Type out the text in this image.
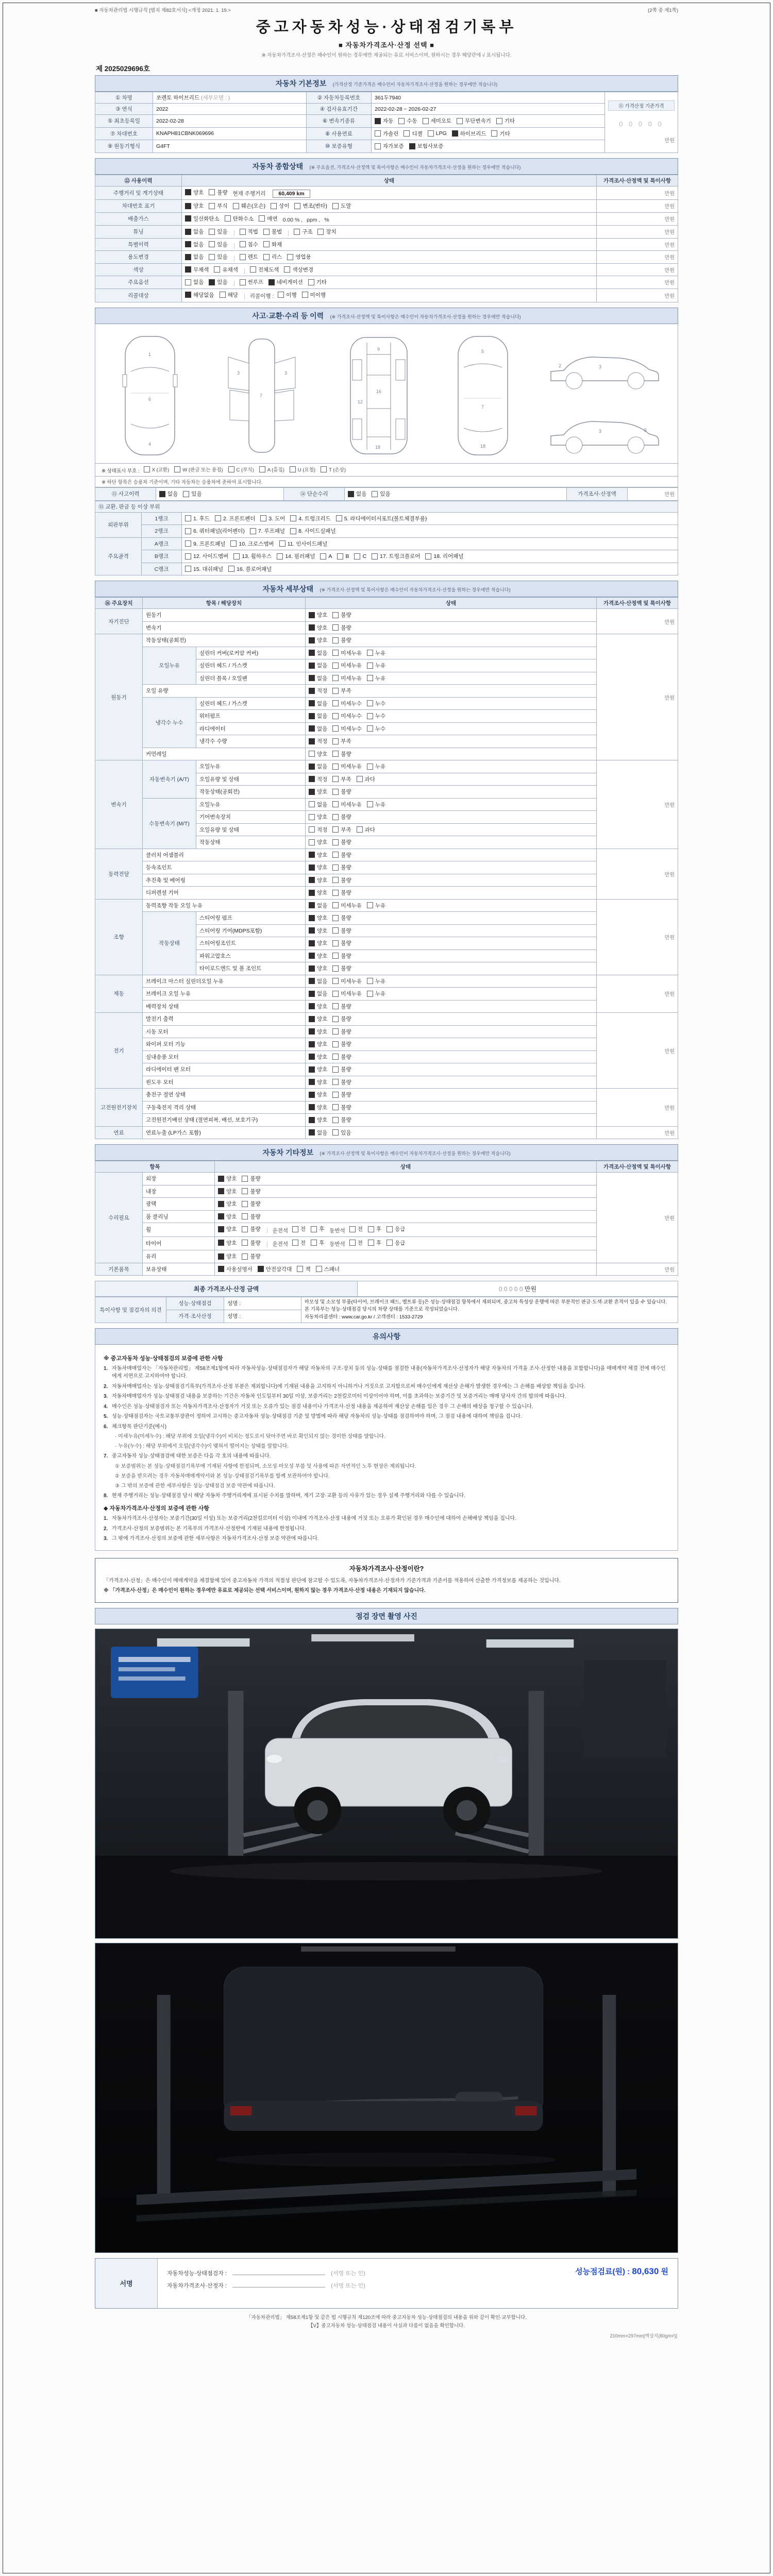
■ 자동차관리법 시행규칙 [별지 제82호서식] <개정 2021. 1. 19.>	(2쪽 중 제1쪽)
중고자동차성능·상태점검기록부
■ 자동차가격조사·산정 선택 ■
※ 자동차가격조사·산정은 매수인이 원하는 경우에만 제공되는 유료 서비스이며, 원하시는 경우 해당란에 √ 표시됩니다.
제 2025029696호
자동차 기본정보 (가격산정 기준가격은 매수인이 자동차가격조사·산정을 원하는 경우에만 적습니다)
① 차명	쏘렌토 하이브리드 (세부모델 : )	② 자동차등록번호	361두7940	⑪ 가격산정 기준가격
0 0 0 0 0
만원

③ 연식	2022	④ 검사유효기간	2022-02-28 ~ 2026-02-27	
⑤ 최초등록일	2022-02-28	⑥ 변속기종류	자동 수동 세미오토 무단변속기 기타	

⑦ 차대번호	KNAPH81CBNK069696	⑧ 사용연료	가솔린 디젤 LPG 하이브리드 기타	

⑨ 원동기형식	G4FT	⑩ 보증유형	자가보증 보험사보증	
자동차 종합상태 (※ 주요옵션, 가격조사·산정액 및 특이사항은 매수인이 자동차가격조사·산정을 원하는 경우에만 적습니다)
⑫ 사용이력	상태	가격조사·산정액 및 특이사항
주행거리 및 계기상태	양호 불량 현재 주행거리 60,409 km	만원
차대번호 표기	양호 부식 훼손(오손) 상이 변조(변타) 도말	만원
배출가스	일산화탄소 탄화수소 매연 0.00 % , ppm , %	만원
튜닝	없음 있음	적법 불법	구조 장치	만원
특별이력	없음 있음 침수 화재	만원
용도변경	없음 있음 렌트 리스 영업용	만원
색상	무채색 유채색 전체도색 색상변경	만원
주요옵션	없음 있음 썬루프 네비게이션 기타	만원
리콜대상	해당없음 해당 리콜이행 : 이행 미이행	만원
사고·교환·수리 등 이력 (※ 가격조사·산정액 및 특이사항은 매수인이 자동차가격조사·산정을 원하는 경우에만 적습니다)
1
6
4
3	3
7
9
16
12
18
5
7
18
3
2
3	5
※ 상태표시 부호 :	X (교환)	W (판금 또는 용접)	C (부식)	A (흠집)	U (요철)	T (손상)
※ 하단 항목은 승용차 기준이며, 기타 자동차는 승용차에 준하여 표시합니다.
⑬ 사고이력	없음 있음	⑭ 단순수리	없음 있음	가격조사·산정액	만원
⑮ 교환, 판금 등 이상 부위		
외판부위	1랭크	1. 후드 2. 프론트펜더 3. 도어 4. 트렁크리드 5. 라디에이터서포트(볼트체결부품)

	2랭크	6. 쿼터패널(리어펜더) 7. 루프패널 8. 사이드실패널

주요골격	A랭크	9. 프론트패널 10. 크로스멤버 11. 인사이드패널

B랭크	12. 사이드멤버 13. 휠하우스 14. 필러패널 A B C 17. 트렁크플로어 18. 리어패널

	C랭크	15. 대쉬패널 16. 플로어패널
자동차 세부상태 (※ 가격조사·산정액 및 특이사항은 매수인이 자동차가격조사·산정을 원하는 경우에만 적습니다)
⑯ 주요장치	항목 / 해당장치		상태	가격조사·산정액 및 특이사항
자기진단	원동기		양호 불량	만원
	변속기		양호 불량	

원동기	작동상태(공회전)		양호 불량	만원
	오일누유	실린더 커버(로커암 커버)	없음 미세누유 누유	

		실린더 헤드 / 가스켓	없음 미세누유 누유	

		실린더 블록 / 오일팬	없음 미세누유 누유	

	오일 유량		적정 부족	

	냉각수 누수	실린더 헤드 / 가스켓	없음 미세누수 누수	

		워터펌프	없음 미세누수 누수	

		라디에이터	없음 미세누수 누수	

		냉각수 수량	적정 부족	

	커먼레일		양호 불량	

변속기	자동변속기 (A/T)	오일누유	없음 미세누유 누유	만원
		오일유량 및 상태	적정 부족 과다	

		작동상태(공회전)	양호 불량	

	수동변속기 (M/T)	오일누유	없음 미세누유 누유	

		기어변속장치	양호 불량	

		오일유량 및 상태	적정 부족 과다	

		작동상태	양호 불량	

동력전달	클러치 어셈블리		양호 불량	만원
	등속조인트		양호 불량	

	추진축 및 베어링		양호 불량	

	디퍼렌셜 기어		양호 불량	

조향	동력조향 작동 오일 누유		없음 미세누유 누유	만원
	작동상태	스티어링 펌프	양호 불량	

		스티어링 기어(MDPS포함)	양호 불량	

		스티어링조인트	양호 불량	

		파워고압호스	양호 불량	

		타이로드엔드 및 볼 조인트	양호 불량	

제동	브레이크 마스터 실린더오일 누유		없음 미세누유 누유	만원
	브레이크 오일 누유		없음 미세누유 누유	

	배력장치 상태		양호 불량	

전기	발전기 출력		양호 불량	만원
	시동 모터		양호 불량	

	와이퍼 모터 기능		양호 불량	

	실내송풍 모터		양호 불량	

	라디에이터 팬 모터		양호 불량	

	윈도우 모터		양호 불량	

고전원전기장치	충전구 절연 상태		양호 불량	만원
	구동축전지 격리 상태		양호 불량	

	고전원전기배선 상태 (절연피복, 배선, 보호기구)		양호 불량	

연료	연료누출 (LP가스 포함)		없음 있음	만원
자동차 기타정보 (※ 가격조사·산정액 및 특이사항은 매수인이 자동차가격조사·산정을 원하는 경우에만 적습니다)
항목		상태	가격조사·산정액 및 특이사항
수리필요	외장	양호 불량	만원
	내장	양호 불량	

	광택	양호 불량	

	룸 클리닝	양호 불량	

휠	양호 불량 운전석 전 후 동반석 전 후 응급

타이어	양호 불량 운전석 전 후 동반석 전 후 응급

	유리	양호 불량	

기본품목	보유상태	사용설명서 안전삼각대 잭 스패너	만원
최종 가격조사·산정 금액	0 0 0 0 0 만원
특이사항 및 점검자의 의견	성능·상태점검	성명 :	마모성 및 소모성 부품(타이어, 브레이크 패드, 벨트류 등)은 성능·상태점검 항목에서 제외되며, 중고차 특성상 운행에 따른 부분적인 판금·도색·교환 흔적이 있을 수 있습니다.
본 기록부는 성능·상태점검 당시의 차량 상태를 기준으로 작성되었습니다.
자동차리콜센터 : www.car.go.kr / 고객센터 : 1533-2729

	가격·조사산정	성명 :	
유의사항
※ 중고자동차 성능·상태점검의 보증에 관한 사항
1. 자동차매매업자는 「자동차관리법」 제58조제1항에 따라 자동차성능·상태점검자가 해당 자동차의 구조·장치 등의 성능·상태를 점검한 내용(자동차가격조사·산정자가 해당 자동차의 가격을 조사·산정한 내용을 포함합니다)을 매매계약 체결 전에 매수인에게 서면으로 고지하여야 합니다.
2. 자동차매매업자는 성능·상태점검기록부(가격조사·산정 부분은 제외합니다)에 기재된 내용을 고지하지 아니하거나 거짓으로 고지함으로써 매수인에게 재산상 손해가 발생한 경우에는 그 손해를 배상할 책임을 집니다.
3. 자동차매매업자가 성능·상태점검 내용을 보증하는 기간은 자동차 인도일부터 30일 이상, 보증거리는 2천킬로미터 이상이어야 하며, 이를 초과하는 보증기간 및 보증거리는 매매 당사자 간의 합의에 따릅니다.
4. 매수인은 성능·상태점검자 또는 자동차가격조사·산정자가 거짓 또는 오류가 있는 점검 내용이나 가격조사·산정 내용을 제공하여 재산상 손해를 입은 경우 그 손해의 배상을 청구할 수 있습니다.
5. 성능·상태점검자는 국토교통부장관이 정하여 고시하는 중고자동차 성능·상태점검 기준 및 방법에 따라 해당 자동차의 성능·상태를 점검하여야 하며, 그 점검 내용에 대하여 책임을 집니다.
6. 체크항목 판단기준(예시)
· 미세누유(미세누수) : 해당 부위에 오일(냉각수)이 비치는 정도로서 닦아주면 바로 확인되지 않는 경미한 상태를 말합니다.
· 누유(누수) : 해당 부위에서 오일(냉각수)이 맺혀서 떨어지는 상태를 말합니다.
7. 중고자동차 성능·상태점검에 대한 보증은 다음 각 호의 내용에 따릅니다.
① 보증범위는 본 성능·상태점검기록부에 기재된 사항에 한정되며, 소모성·마모성 부품 및 사용에 따른 자연적인 노후 현상은 제외됩니다.
② 보증을 받으려는 경우 자동차매매계약서와 본 성능·상태점검기록부를 함께 보관하여야 합니다.
③ 그 밖의 보증에 관한 세부사항은 성능·상태점검 보증 약관에 따릅니다.
8. 현재 주행거리는 성능·상태점검 당시 해당 자동차 주행거리계에 표시된 수치를 말하며, 계기 고장·교환 등의 사유가 있는 경우 실제 주행거리와 다를 수 있습니다.
◆ 자동차가격조사·산정의 보증에 관한 사항
1. 자동차가격조사·산정자는 보증기간(30일 이상) 또는 보증거리(2천킬로미터 이상) 이내에 가격조사·산정 내용에 거짓 또는 오류가 확인된 경우 매수인에 대하여 손해배상 책임을 집니다.
2. 가격조사·산정의 보증범위는 본 기록부의 가격조사·산정란에 기재된 내용에 한정됩니다.
3. 그 밖에 가격조사·산정의 보증에 관한 세부사항은 자동차가격조사·산정 보증 약관에 따릅니다.
자동차가격조사·산정이란?
「가격조사·산정」은 매수인이 매매계약을 체결함에 있어 중고자동차 가격의 적절성 판단에 참고할 수 있도록, 자동차가격조사·산정자가 기준가격과 기준서를 적용하여 산출한 가격정보를 제공하는 것입니다.
※ 「가격조사·산정」은 매수인이 원하는 경우에만 유료로 제공되는 선택 서비스이며, 원하지 않는 경우 가격조사·산정 내용은 기재되지 않습니다.
점검 장면 촬영 사진
서명
자동차성능·상태점검자 :	(서명 또는 인)
자동차가격조사·산정자 :	(서명 또는 인)
성능점검료(원) : 80,630 원
「자동차관리법」 제58조제1항 및 같은 법 시행규칙 제120조에 따라 중고자동차 성능·상태점검의 내용을 위와 같이 확인·교부합니다.
【V】중고자동차 성능·상태점검 내용이 사실과 다름이 없음을 확인합니다.
210mm×297mm[백상지(80g/m²)]
